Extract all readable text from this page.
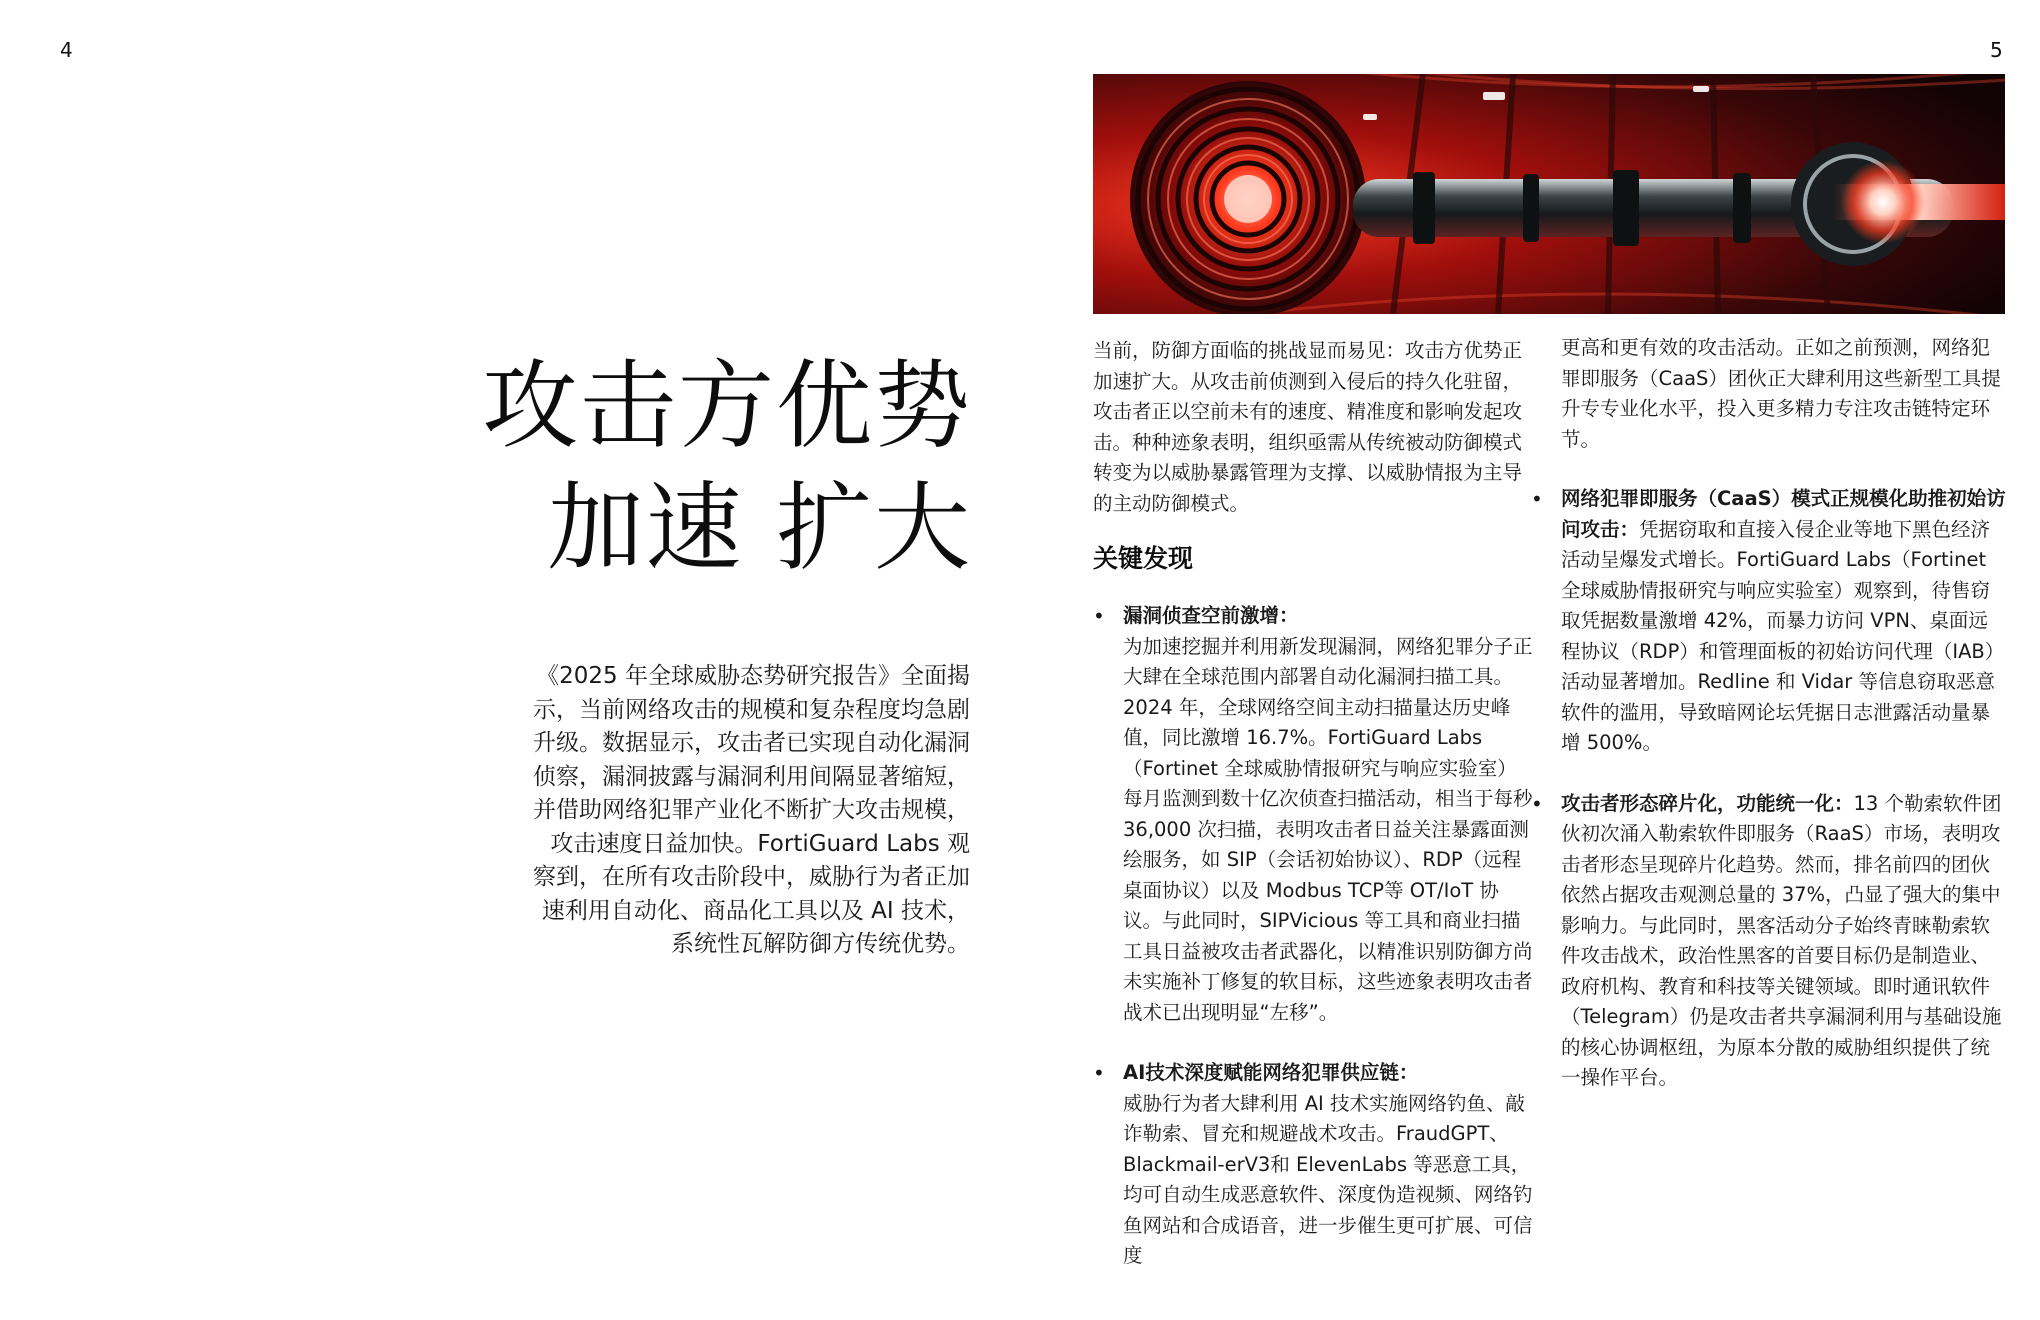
4	5
攻击方优势
加速 扩大

《2025 年全球威胁态势研究报告》全面揭示，当前网络攻击的规模和复杂程度均急剧升级。数据显示，攻击者已实现自动化漏洞侦察，漏洞披露与漏洞利用间隔显著缩短，并借助网络犯罪产业化不断扩大攻击规模，攻击速度日益加快。FortiGuard Labs 观察到，在所有攻击阶段中，威胁行为者正加速利用自动化、商品化工具以及 AI 技术，系统性瓦解防御方传统优势。

当前，防御方面临的挑战显而易见：攻击方优势正加速扩大。从攻击前侦测到入侵后的持久化驻留，攻击者正以空前未有的速度、精准度和影响发起攻击。种种迹象表明，组织亟需从传统被动防御模式转变为以威胁暴露管理为支撑、以威胁情报为主导的主动防御模式。

关键发现
• 漏洞侦查空前激增：
为加速挖掘并利用新发现漏洞，网络犯罪分子正大肆在全球范围内部署自动化漏洞扫描工具。2024 年，全球网络空间主动扫描量达历史峰值，同比激增 16.7%。FortiGuard Labs（Fortinet 全球威胁情报研究与响应实验室）每月监测到数十亿次侦查扫描活动，相当于每秒 36,000 次扫描，表明攻击者日益关注暴露面测绘服务，如 SIP（会话初始协议）、RDP（远程桌面协议）以及 Modbus TCP等 OT/IoT 协议。与此同时，SIPVicious 等工具和商业扫描工具日益被攻击者武器化，以精准识别防御方尚未实施补丁修复的软目标，这些迹象表明攻击者战术已出现明显“左移”。
• AI技术深度赋能网络犯罪供应链：
威胁行为者大肆利用 AI 技术实施网络钓鱼、敲诈勒索、冒充和规避战术攻击。FraudGPT、Blackmail-erV3和 ElevenLabs 等恶意工具，均可自动生成恶意软件、深度伪造视频、网络钓鱼网站和合成语音，进一步催生更可扩展、可信度

更高和更有效的攻击活动。正如之前预测，网络犯罪即服务（CaaS）团伙正大肆利用这些新型工具提升专专业化水平，投入更多精力专注攻击链特定环节。

• 网络犯罪即服务（CaaS）模式正规模化助推初始访问攻击：凭据窃取和直接入侵企业等地下黑色经济活动呈爆发式增长。FortiGuard Labs（Fortinet 全球威胁情报研究与响应实验室）观察到，待售窃取凭据数量激增 42%，而暴力访问 VPN、桌面远程协议（RDP）和管理面板的初始访问代理（IAB）活动显著增加。Redline 和 Vidar 等信息窃取恶意软件的滥用，导致暗网论坛凭据日志泄露活动量暴增 500%。
• 攻击者形态碎片化，功能统一化：13 个勒索软件团伙初次涌入勒索软件即服务（RaaS）市场，表明攻击者形态呈现碎片化趋势。然而，排名前四的团伙依然占据攻击观测总量的 37%，凸显了强大的集中影响力。与此同时，黑客活动分子始终青睐勒索软件攻击战术，政治性黑客的首要目标仍是制造业、政府机构、教育和科技等关键领域。即时通讯软件（Telegram）仍是攻击者共享漏洞利用与基础设施的核心协调枢纽，为原本分散的威胁组织提供了统一操作平台。
